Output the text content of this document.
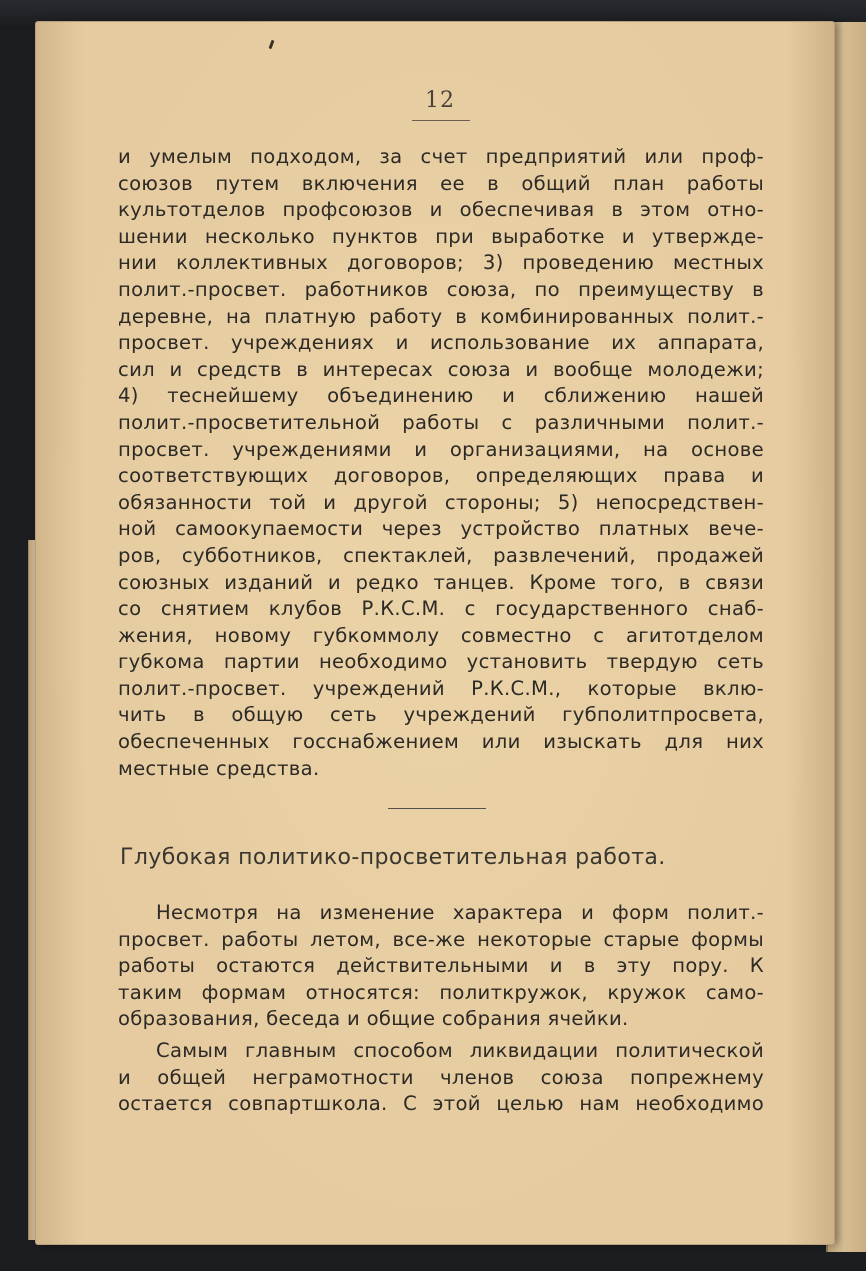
12
и умелым подходом, за счет предприятий или проф-
союзов путем включения ее в общий план работы
культотделов профсоюзов и обеспечивая в этом отно-
шении несколько пунктов при выработке и утвержде-
нии коллективных договоров; 3) проведению местных
полит.-просвет. работников союза, по преимуществу в
деревне, на платную работу в комбинированных полит.-
просвет. учреждениях и использование их аппарата,
сил и средств в интересах союза и вообще молодежи;
4) теснейшему объединению и сближению нашей
полит.-просветительной работы с различными полит.-
просвет. учреждениями и организациями, на основе
соответствующих договоров, определяющих права и
обязанности той и другой стороны; 5) непосредствен-
ной самоокупаемости через устройство платных вече-
ров, субботников, спектаклей, развлечений, продажей
союзных изданий и редко танцев. Кроме того, в связи
со снятием клубов Р.К.С.М. с государственного снаб-
жения, новому губкоммолу совместно с агитотделом
губкома партии необходимо установить твердую сеть
полит.-просвет. учреждений Р.К.С.М., которые вклю-
чить в общую сеть учреждений губполитпросвета,
обеспеченных госснабжением или изыскать для них
местные средства.
Глубокая политико-просветительная работа.
Несмотря на изменение характера и форм полит.-
просвет. работы летом, все-же некоторые старые формы
работы остаются действительными и в эту пору. К
таким формам относятся: политкружок, кружок само-
образования, беседа и общие собрания ячейки.
Самым главным способом ликвидации политической
и общей неграмотности членов союза попрежнему
остается совпартшкола. С этой целью нам необходимо
